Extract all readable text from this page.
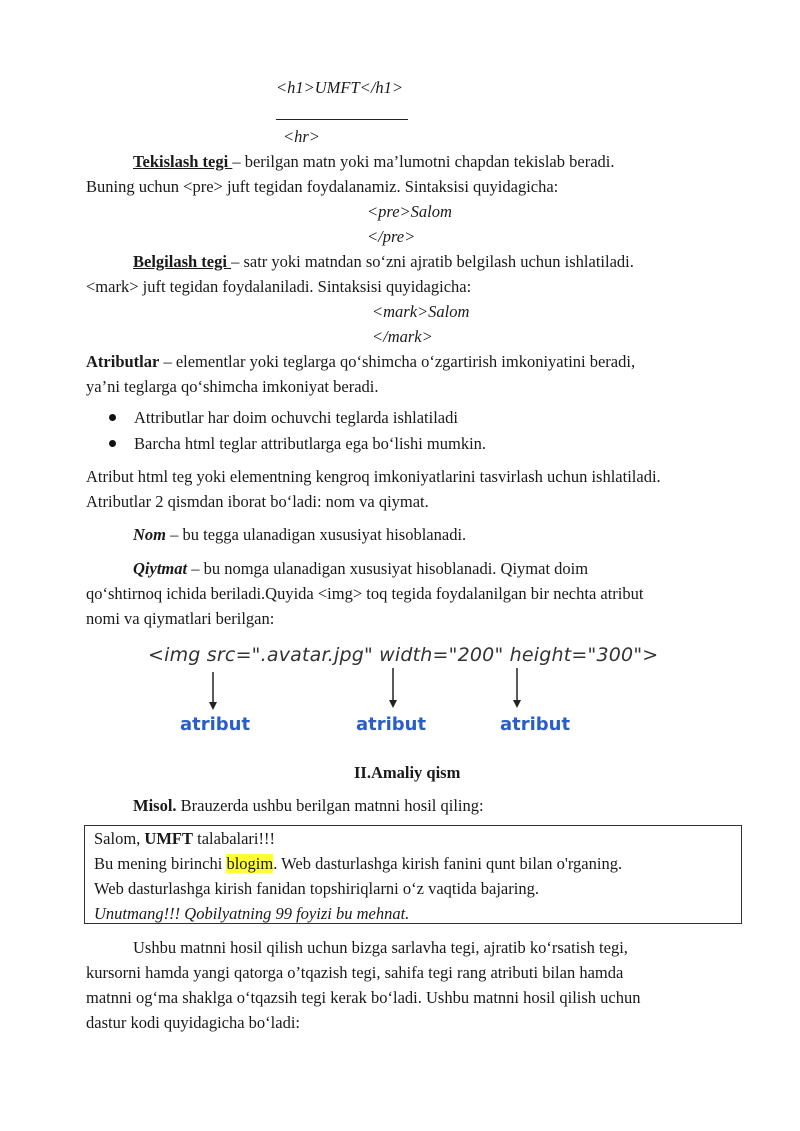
<h1>UMFT</h1>
<hr>
Tekislash tegi – berilgan matn yoki ma’lumotni chapdan tekislab beradi.
Buning uchun <pre> juft tegidan foydalanamiz. Sintaksisi quyidagicha:
<pre>Salom
</pre>
Belgilash tegi – satr yoki matndan so‘zni ajratib belgilash uchun ishlatiladi.
<mark> juft tegidan foydalaniladi. Sintaksisi quyidagicha:
<mark>Salom
</mark>
Atributlar – elementlar yoki teglarga qo‘shimcha o‘zgartirish imkoniyatini beradi,
ya’ni teglarga qo‘shimcha imkoniyat beradi.
Attributlar har doim ochuvchi teglarda ishlatiladi
Barcha html teglar attributlarga ega bo‘lishi mumkin.
Atribut html teg yoki elementning kengroq imkoniyatlarini tasvirlash uchun ishlatiladi.
Atributlar 2 qismdan iborat bo‘ladi: nom va qiymat.
Nom – bu tegga ulanadigan xususiyat hisoblanadi.
Qiytmat – bu nomga ulanadigan xususiyat hisoblanadi. Qiymat doim
qo‘shtirnoq ichida beriladi.Quyida <img> toq tegida foydalanilgan bir nechta atribut
nomi va qiymatlari berilgan:
<img src=".avatar.jpg" width="200" height="300">
atribut	atribut	atribut
II.Amaliy qism
Misol. Brauzerda ushbu berilgan matnni hosil qiling:
Salom, UMFT talabalari!!!
Bu mening birinchi blogim. Web dasturlashga kirish fanini qunt bilan o'rganing.
Web dasturlashga kirish fanidan topshiriqlarni o‘z vaqtida bajaring.
Unutmang!!! Qobilyatning 99 foyizi bu mehnat.
Ushbu matnni hosil qilish uchun bizga sarlavha tegi, ajratib ko‘rsatish tegi,
kursorni hamda yangi qatorga o’tqazish tegi, sahifa tegi rang atributi bilan hamda
matnni og‘ma shaklga o‘tqazsih tegi kerak bo‘ladi. Ushbu matnni hosil qilish uchun
dastur kodi quyidagicha bo‘ladi:
